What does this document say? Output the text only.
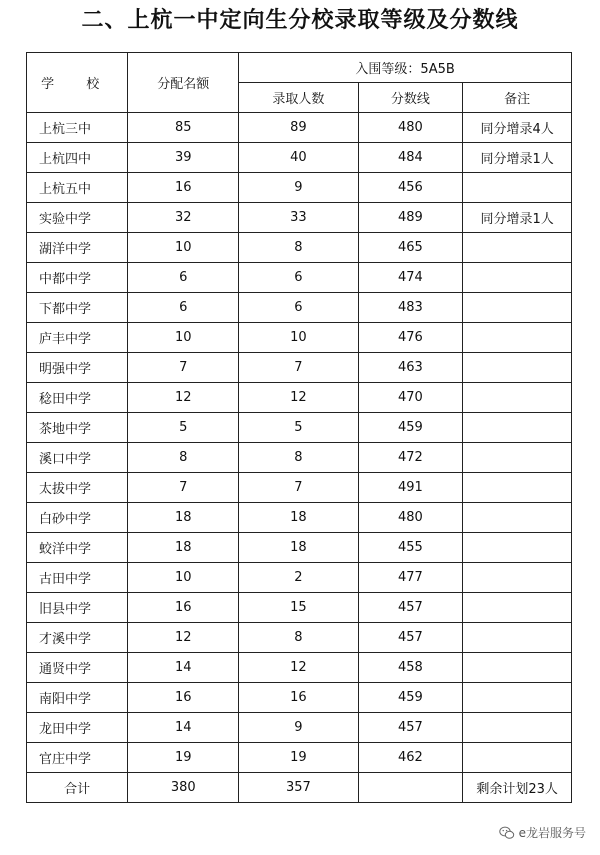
二、上杭一中定向生分校录取等级及分数线
学 校	分配名额	入围等级：5A5B		
		录取人数	分数线	备注
上杭三中	85	89	480	同分增录4人
上杭四中	39	40	484	同分增录1人
上杭五中	16	9	456	
实验中学	32	33	489	同分增录1人
湖洋中学	10	8	465	
中都中学	6	6	474	
下都中学	6	6	483	
庐丰中学	10	10	476	
明强中学	7	7	463	
稔田中学	12	12	470	
茶地中学	5	5	459	
溪口中学	8	8	472	
太拔中学	7	7	491	
白砂中学	18	18	480	
蛟洋中学	18	18	455	
古田中学	10	2	477	
旧县中学	16	15	457	
才溪中学	12	8	457	
通贤中学	14	12	458	
南阳中学	16	16	459	
龙田中学	14	9	457	
官庄中学	19	19	462	
合计	380	357		剩余计划23人
e龙岩服务号
